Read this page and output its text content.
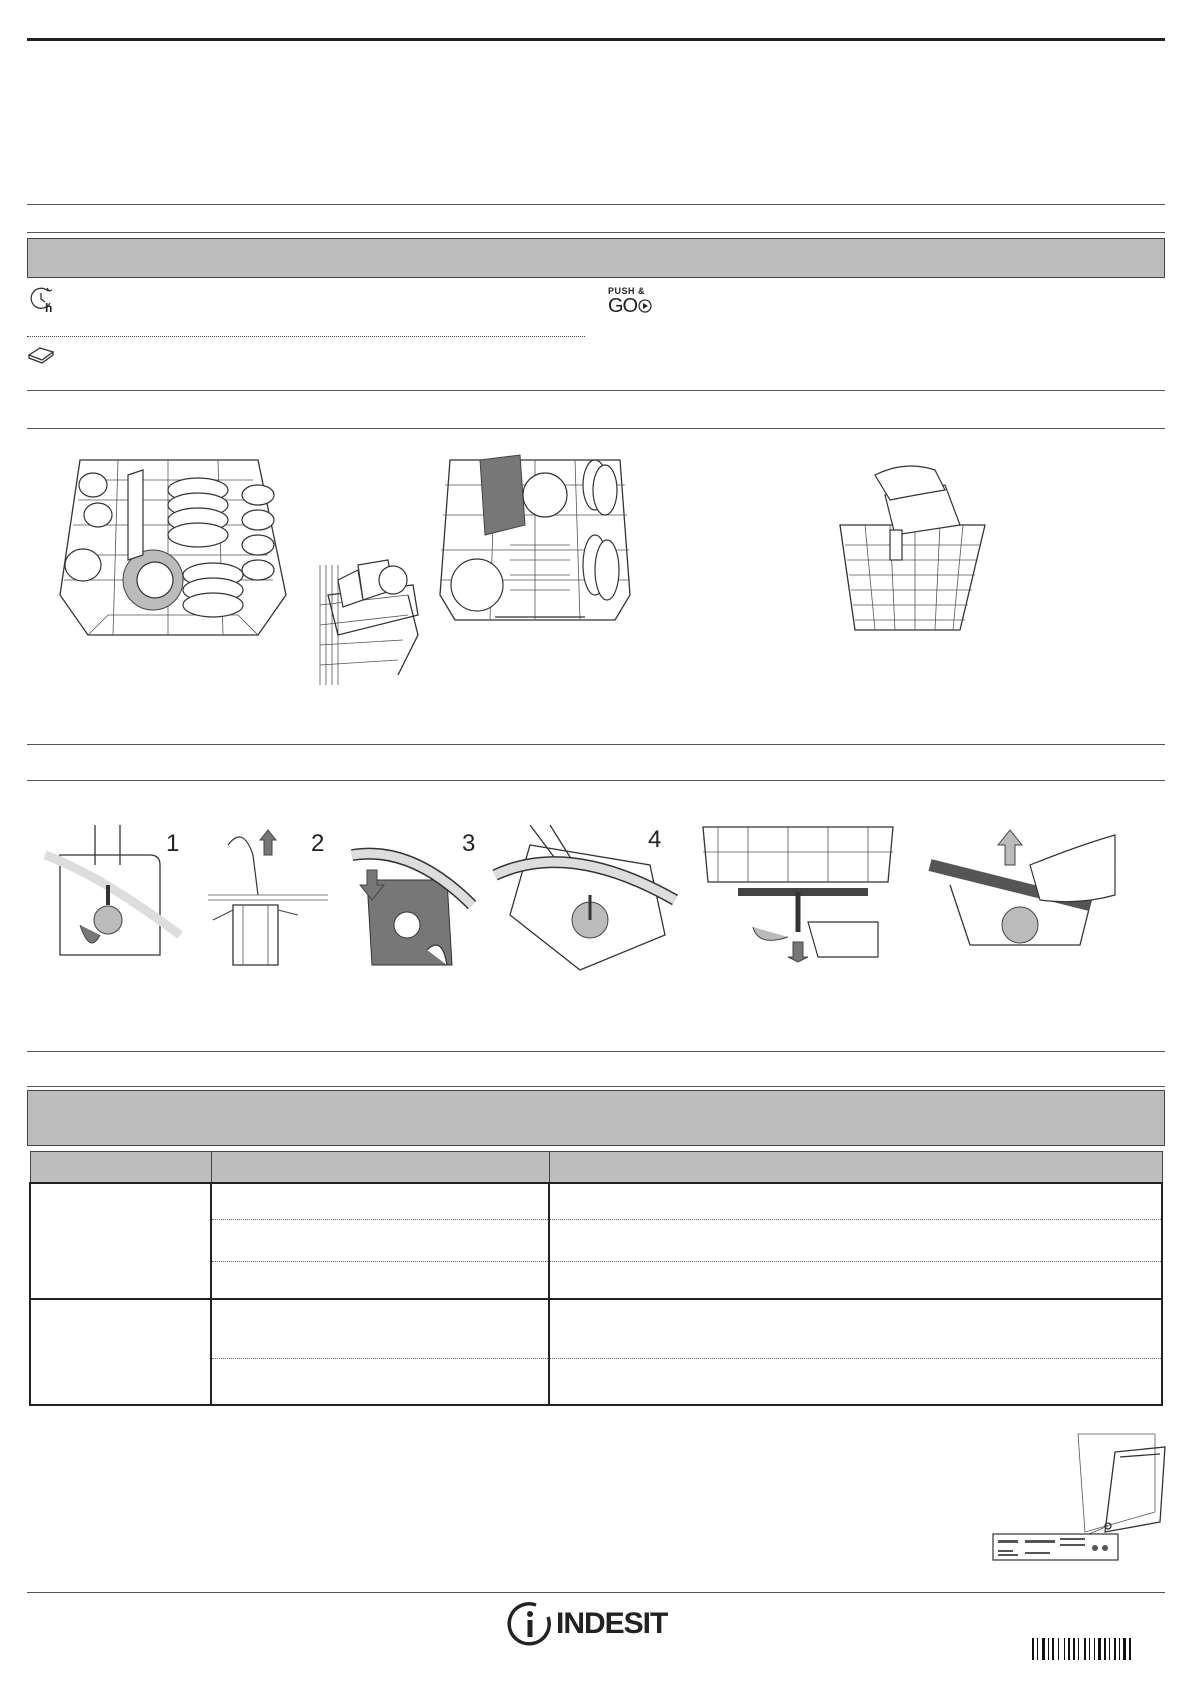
h
PUSH &
GO
1	2	3	4

INDESIT
